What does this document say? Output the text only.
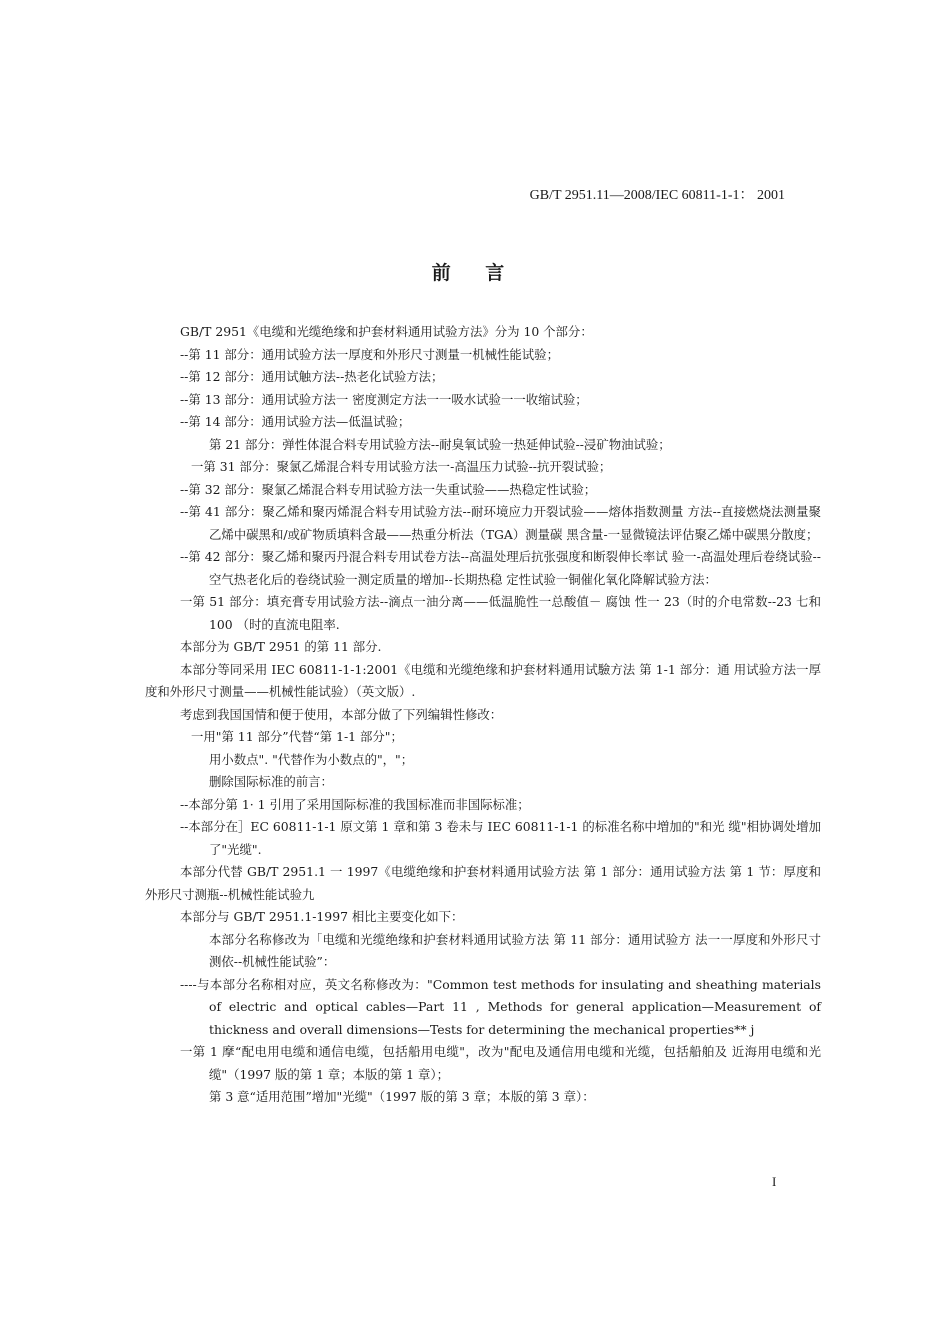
GB/T 2951.11—2008/IEC 60811-1-1： 2001
前 言

GB/T 2951《电缆和光缆绝缘和护套材料通用试验方法》分为 10 个部分：

--第 11 部分：通用试验方法一厚度和外形尺寸测量一机械性能试验；

--第 12 部分：通用试触方法--热老化试验方法；

--第 13 部分：通用试验方法一 密度测定方法一一吸水试验一一收缩试验；

--第 14 部分：通用试验方法—低温试验；

第 21 部分：弹性体混合料专用试验方法--耐臭氧试验一热延伸试验--浸矿物油试验；

一第 31 部分：聚氯乙烯混合料专用试验方法一-高温压力试验--抗开裂试验；

--第 32 部分：聚氯乙烯混合料专用试验方法一失重试验——热稳定性试验；

--第 41 部分：聚乙烯和聚丙烯混合料专用试验方法--耐环境应力开裂试验——熔体指数测量 方法--直接燃烧法测量聚乙烯中碳黑和/或矿物质填料含最——热重分析法（TGA）测量碳 黑含量-一显微镜法评估聚乙烯中碳黑分散度；

--第 42 部分：聚乙烯和聚丙丹混合料专用试卷方法--高温处理后抗张强度和断裂伸长率试 验一-高温处理后卷绕试验--空气热老化后的卷绕试验一测定质量的增加--长期热稳 定性试验一铜催化氧化降解试验方法：

一第 51 部分：填充膏专用试验方法--滴点一油分离——低温脆性一总酸值－ 腐蚀 性一 23（时的介电常数--23 七和 100 （时的直流电阻率.

本部分为 GB/T 2951 的第 11 部分.

本部分等同采用 IEC 60811-1-1:2001《电缆和光缆绝缘和护套材料通用试驗方法 第 1-1 部分：通 用试验方法一厚度和外形尺寸测量——机械性能试验）（英文版）.

考虑到我国国情和便于使用，本部分做了下列编辑性修改：

一用"第 11 部分”代替“第 1-1 部分"；

用小数点". "代替作为小数点的"，"；

删除国际标准的前言：

--本部分第 1· 1 引用了采用国际标准的我国标准而非国际标准；

--本部分在］EC 60811-1-1 原文第 1 章和第 3 卷未与 IEC 60811-1-1 的标准名称中増加的"和光 缆"相协调处增加了"光缆".

本部分代替 GB/T 2951.1 一 1997《电缆绝缘和护套材料通用试验方法 第 1 部分：通用试验方法 第 1 节：厚度和外形尺寸测瓶--机械性能试验九

本部分与 GB/T 2951.1-1997 相比主要变化如下：

本部分名称修改为「电缆和光缆绝缘和护套材料通用试验方法 第 11 部分：通用试验方 法一一厚度和外形尺寸测依--机械性能试验”：

----与本部分名称相对应，英文名称修改为："Common test methods for insulating and sheathing materials of electric and optical cables—Part 11 , Methods for general application—Measurement of thickness and overall dimensions—Tests for determining the mechanical properties** j

一第 1 摩“配电用电缆和通信电缆，包括船用电缆"，改为"配电及通信用电缆和光缆，包括船舶及 近海用电缆和光缆"（1997 版的第 1 章；本版的第 1 章）；

第 3 意“适用范围”增加"光缆"（1997 版的第 3 章；本版的第 3 章）：

I
